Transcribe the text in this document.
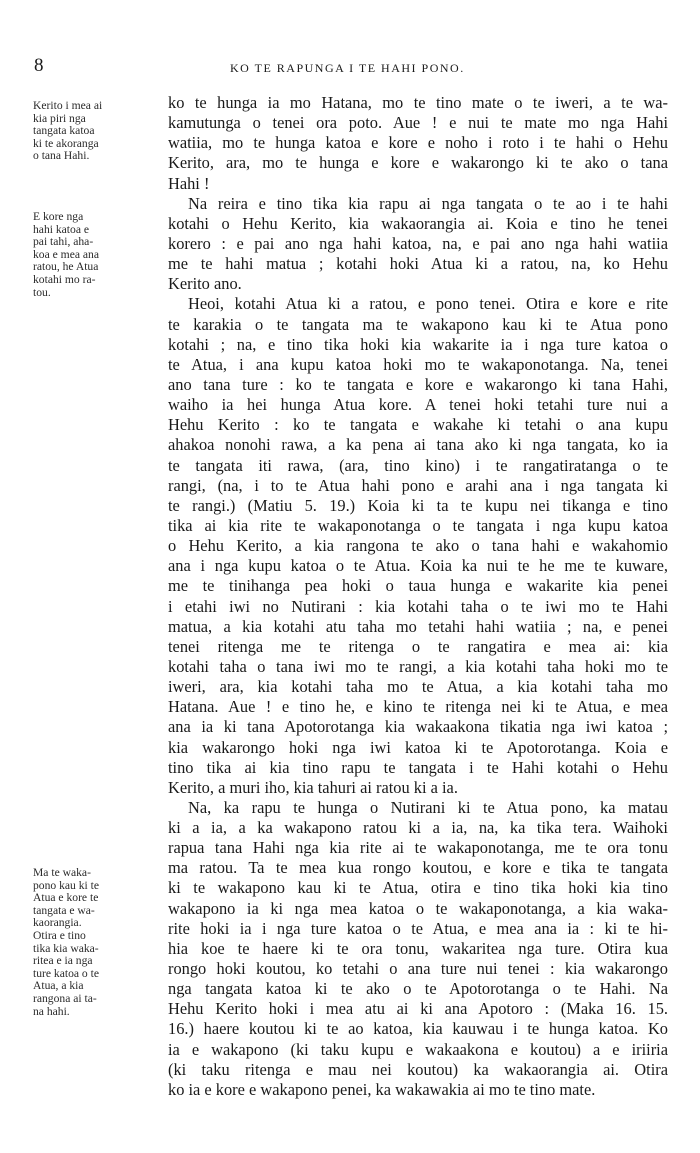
8	KO TE RAPUNGA I TE HAHI PONO.
Kerito i mea ai
kia piri nga
tangata katoa
ki te akoranga
o tana Hahi.
E kore nga
hahi katoa e
pai tahi, aha-
koa e mea ana
ratou, he Atua
kotahi mo ra-
tou.
Ma te waka-
pono kau ki te
Atua e kore te
tangata e wa-
kaorangia.
Otira e tino
tika kia waka-
ritea e ia nga
ture katoa o te
Atua, a kia
rangona ai ta-
na hahi.
ko te hunga ia mo Hatana, mo te tino mate o te iweri, a te wa-
kamutunga o tenei ora poto. Aue ! e nui te mate mo nga Hahi
watiia, mo te hunga katoa e kore e noho i roto i te hahi o Hehu
Kerito, ara, mo te hunga e kore e wakarongo ki te ako o tana
Hahi !
Na reira e tino tika kia rapu ai nga tangata o te ao i te hahi
kotahi o Hehu Kerito, kia wakaorangia ai. Koia e tino he tenei
korero : e pai ano nga hahi katoa, na, e pai ano nga hahi watiia
me te hahi matua ; kotahi hoki Atua ki a ratou, na, ko Hehu
Kerito ano.
Heoi, kotahi Atua ki a ratou, e pono tenei. Otira e kore e rite
te karakia o te tangata ma te wakapono kau ki te Atua pono
kotahi ; na, e tino tika hoki kia wakarite ia i nga ture katoa o
te Atua, i ana kupu katoa hoki mo te wakaponotanga. Na, tenei
ano tana ture : ko te tangata e kore e wakarongo ki tana Hahi,
waiho ia hei hunga Atua kore. A tenei hoki tetahi ture nui a
Hehu Kerito : ko te tangata e wakahe ki tetahi o ana kupu
ahakoa nonohi rawa, a ka pena ai tana ako ki nga tangata, ko ia
te tangata iti rawa, (ara, tino kino) i te rangatiratanga o te
rangi, (na, i to te Atua hahi pono e arahi ana i nga tangata ki
te rangi.) (Matiu 5. 19.) Koia ki ta te kupu nei tikanga e tino
tika ai kia rite te wakaponotanga o te tangata i nga kupu katoa
o Hehu Kerito, a kia rangona te ako o tana hahi e wakahomio
ana i nga kupu katoa o te Atua. Koia ka nui te he me te kuware,
me te tinihanga pea hoki o taua hunga e wakarite kia penei
i etahi iwi no Nutirani : kia kotahi taha o te iwi mo te Hahi
matua, a kia kotahi atu taha mo tetahi hahi watiia ; na, e penei
tenei ritenga me te ritenga o te rangatira e mea ai: kia
kotahi taha o tana iwi mo te rangi, a kia kotahi taha hoki mo te
iweri, ara, kia kotahi taha mo te Atua, a kia kotahi taha mo
Hatana. Aue ! e tino he, e kino te ritenga nei ki te Atua, e mea
ana ia ki tana Apotorotanga kia wakaakona tikatia nga iwi katoa ;
kia wakarongo hoki nga iwi katoa ki te Apotorotanga. Koia e
tino tika ai kia tino rapu te tangata i te Hahi kotahi o Hehu
Kerito, a muri iho, kia tahuri ai ratou ki a ia.
Na, ka rapu te hunga o Nutirani ki te Atua pono, ka matau
ki a ia, a ka wakapono ratou ki a ia, na, ka tika tera. Waihoki
rapua tana Hahi nga kia rite ai te wakaponotanga, me te ora tonu
ma ratou. Ta te mea kua rongo koutou, e kore e tika te tangata
ki te wakapono kau ki te Atua, otira e tino tika hoki kia tino
wakapono ia ki nga mea katoa o te wakaponotanga, a kia waka-
rite hoki ia i nga ture katoa o te Atua, e mea ana ia : ki te hi-
hia koe te haere ki te ora tonu, wakaritea nga ture. Otira kua
rongo hoki koutou, ko tetahi o ana ture nui tenei : kia wakarongo
nga tangata katoa ki te ako o te Apotorotanga o te Hahi. Na
Hehu Kerito hoki i mea atu ai ki ana Apotoro : (Maka 16. 15.
16.) haere koutou ki te ao katoa, kia kauwau i te hunga katoa. Ko
ia e wakapono (ki taku kupu e wakaakona e koutou) a e iriiria
(ki taku ritenga e mau nei koutou) ka wakaorangia ai. Otira
ko ia e kore e wakapono penei, ka wakawakia ai mo te tino mate.
